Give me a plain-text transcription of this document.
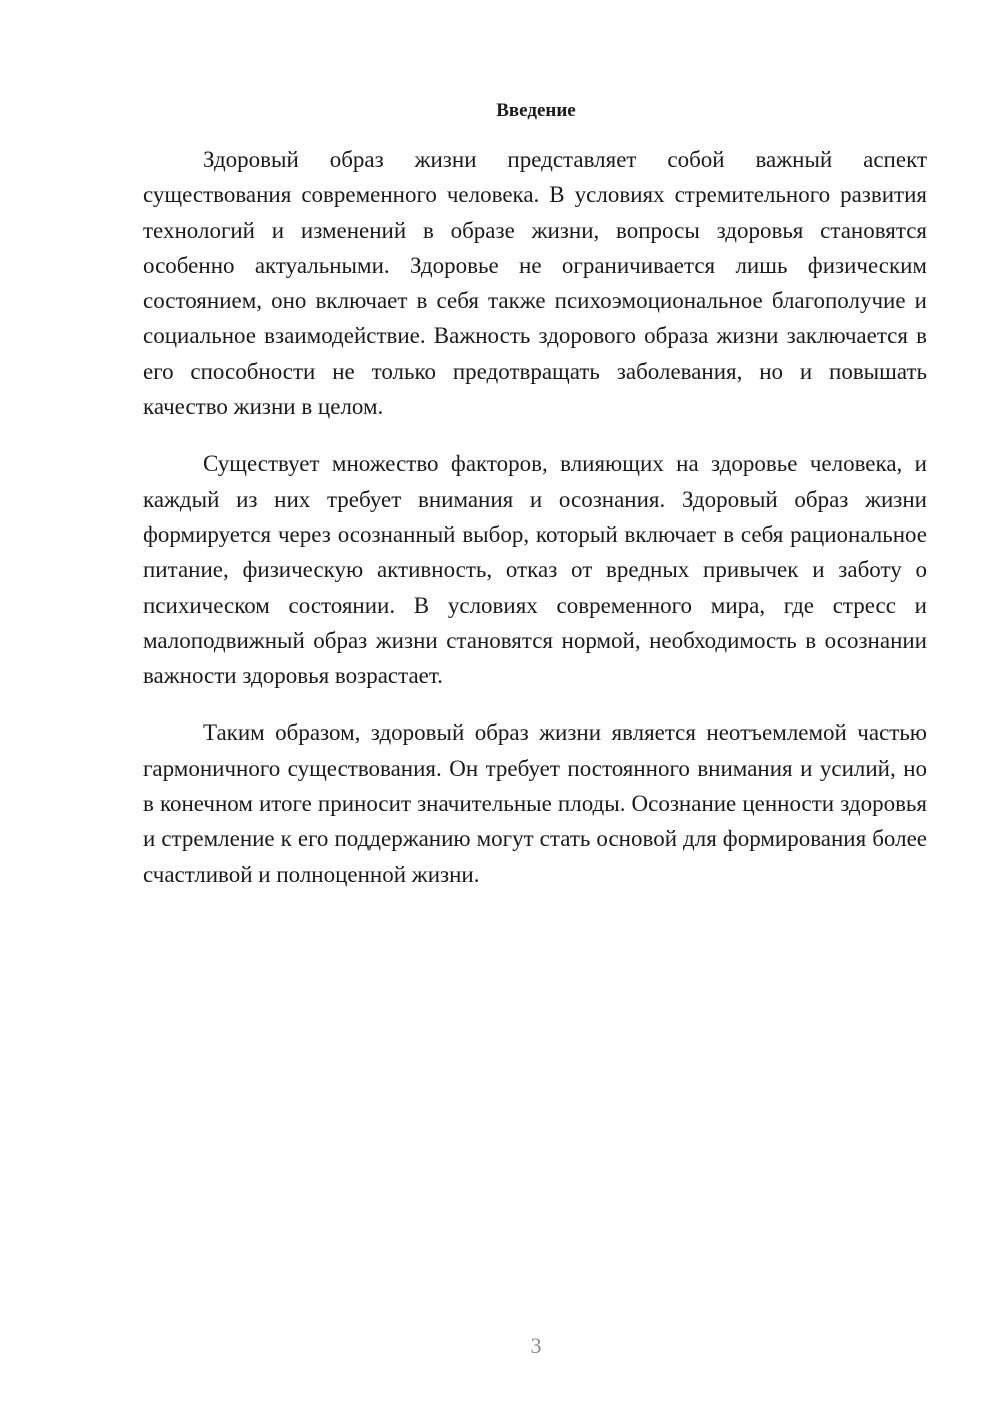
Введение

Здоровый образ жизни представляет собой важный аспект существования современного человека. В условиях стремительного развития технологий и изменений в образе жизни, вопросы здоровья становятся особенно актуальными. Здоровье не ограничивается лишь физическим состоянием, оно включает в себя также психоэмоциональное благополучие и социальное взаимодействие. Важность здорового образа жизни заключается в его способности не только предотвращать заболевания, но и повышать качество жизни в целом.

Существует множество факторов, влияющих на здоровье человека, и каждый из них требует внимания и осознания. Здоровый образ жизни формируется через осознанный выбор, который включает в себя рациональное питание, физическую активность, отказ от вредных привычек и заботу о психическом состоянии. В условиях современного мира, где стресс и малоподвижный образ жизни становятся нормой, необходимость в осознании важности здоровья возрастает.

Таким образом, здоровый образ жизни является неотъемлемой частью гармоничного существования. Он требует постоянного внимания и усилий, но в конечном итоге приносит значительные плоды. Осознание ценности здоровья и стремление к его поддержанию могут стать основой для формирования более счастливой и полноценной жизни.

3
